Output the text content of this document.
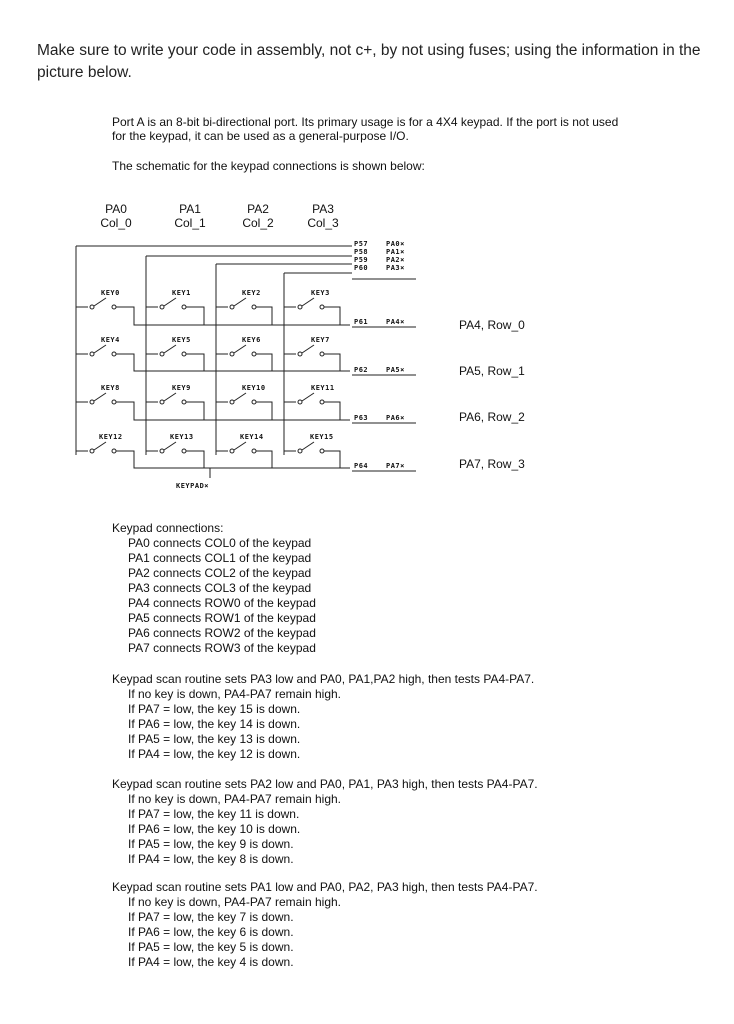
Make sure to write your code in assembly, not c+, by not using fuses; using the information in the picture below.
Port A is an 8-bit bi-directional port. Its primary usage is for a 4X4 keypad. If the port is not used for the keypad, it can be used as a general-purpose I/O.
The schematic for the keypad connections is shown below:
PA0
Col_0
PA1
Col_1
PA2
Col_2
PA3
Col_3
P57
P58
P59
P60
PA0×
PA1×
PA2×
PA3×
KEY0	KEY1	KEY2	KEY3
KEY4	KEY5	KEY6	KEY7
KEY8	KEY9	KEY10	KEY11
KEY12	KEY13	KEY14	KEY15
P61	PA4×
P62	PA5×
P63	PA6×
P64	PA7×
PA4, Row_0
PA5, Row_1
PA6, Row_2
PA7, Row_3
KEYPAD×
Keypad connections:
PA0 connects COL0 of the keypad
PA1 connects COL1 of the keypad
PA2 connects COL2 of the keypad
PA3 connects COL3 of the keypad
PA4 connects ROW0 of the keypad
PA5 connects ROW1 of the keypad
PA6 connects ROW2 of the keypad
PA7 connects ROW3 of the keypad
Keypad scan routine sets PA3 low and PA0, PA1,PA2 high, then tests PA4-PA7.
If no key is down, PA4-PA7 remain high.
If PA7 = low, the key 15 is down.
If PA6 = low, the key 14 is down.
If PA5 = low, the key 13 is down.
If PA4 = low, the key 12 is down.
Keypad scan routine sets PA2 low and PA0, PA1, PA3 high, then tests PA4-PA7.
If no key is down, PA4-PA7 remain high.
If PA7 = low, the key 11 is down.
If PA6 = low, the key 10 is down.
If PA5 = low, the key 9 is down.
If PA4 = low, the key 8 is down.
Keypad scan routine sets PA1 low and PA0, PA2, PA3 high, then tests PA4-PA7.
If no key is down, PA4-PA7 remain high.
If PA7 = low, the key 7 is down.
If PA6 = low, the key 6 is down.
If PA5 = low, the key 5 is down.
If PA4 = low, the key 4 is down.
